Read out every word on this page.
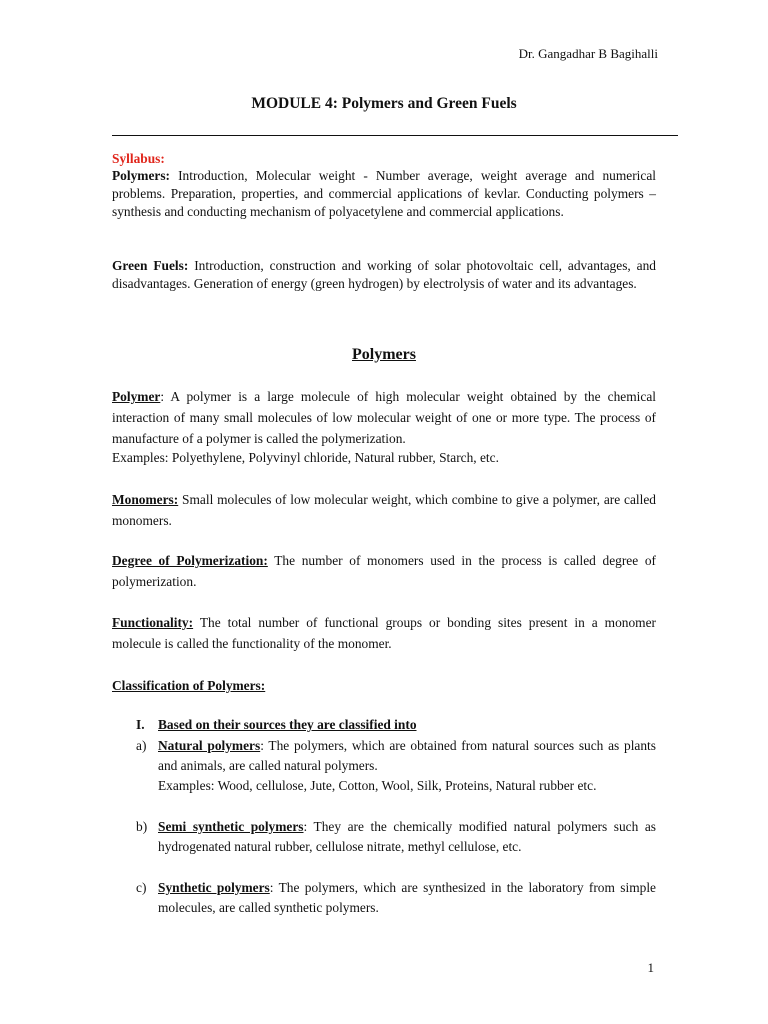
Dr. Gangadhar B Bagihalli
MODULE 4: Polymers and Green Fuels
Syllabus:
Polymers: Introduction, Molecular weight - Number average, weight average and numerical problems. Preparation, properties, and commercial applications of kevlar. Conducting polymers – synthesis and conducting mechanism of polyacetylene and commercial applications.
Green Fuels: Introduction, construction and working of solar photovoltaic cell, advantages, and disadvantages. Generation of energy (green hydrogen) by electrolysis of water and its advantages.
Polymers
Polymer: A polymer is a large molecule of high molecular weight obtained by the chemical interaction of many small molecules of low molecular weight of one or more type. The process of manufacture of a polymer is called the polymerization.

Examples: Polyethylene, Polyvinyl chloride, Natural rubber, Starch, etc.
Monomers: Small molecules of low molecular weight, which combine to give a polymer, are called monomers.
Degree of Polymerization: The number of monomers used in the process is called degree of polymerization.
Functionality: The total number of functional groups or bonding sites present in a monomer molecule is called the functionality of the monomer.
Classification of Polymers:
I. Based on their sources they are classified into
a) Natural polymers: The polymers, which are obtained from natural sources such as plants and animals, are called natural polymers.
Examples: Wood, cellulose, Jute, Cotton, Wool, Silk, Proteins, Natural rubber etc.
b) Semi synthetic polymers: They are the chemically modified natural polymers such as hydrogenated natural rubber, cellulose nitrate, methyl cellulose, etc.
c) Synthetic polymers: The polymers, which are synthesized in the laboratory from simple molecules, are called synthetic polymers.
1
